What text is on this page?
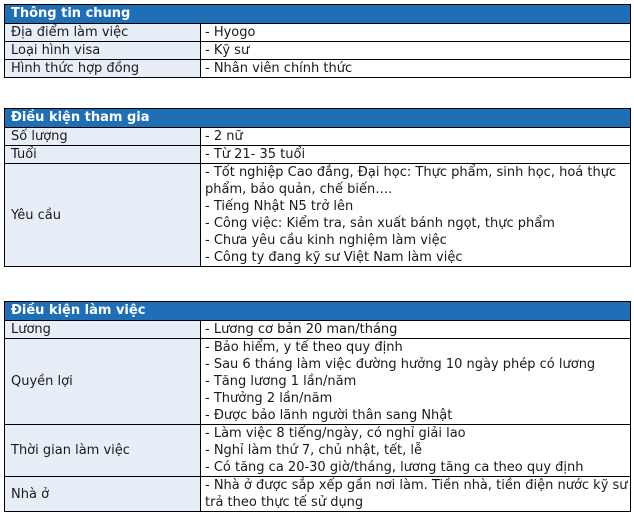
Thông tin chung	
Địa điểm làm việc	- Hyogo

Loại hình visa	- Kỹ sư

Hình thức hợp đồng	- Nhân viên chính thức
Điều kiện tham gia	
Số lượng	- 2 nữ

Tuổi	- Từ 21- 35 tuổi

Yêu cầu	- Tốt nghiệp Cao đẳng, Đại học: Thực phẩm, sinh học, hoá thực phẩm, bảo quản, chế biến….
- Tiếng Nhật N5 trở lên
- Công việc: Kiểm tra, sản xuất bánh ngọt, thực phẩm
- Chưa yêu cầu kinh nghiệm làm việc
- Công ty đang kỹ sư Việt Nam làm việc
Điều kiện làm việc	
Lương	- Lương cơ bản 20 man/tháng

Quyền lợi	- Bảo hiểm, y tế theo quy định
- Sau 6 tháng làm việc đường hưởng 10 ngày phép có lương
- Tăng lương 1 lần/năm
- Thưởng 2 lần/năm
- Được bảo lãnh người thân sang Nhật

Thời gian làm việc	- Làm việc 8 tiếng/ngày, có nghỉ giải lao
- Nghỉ làm thứ 7, chủ nhật, tết, lễ
- Có tăng ca 20-30 giờ/tháng, lương tăng ca theo quy định

Nhà ở	- Nhà ở được sắp xếp gần nơi làm. Tiền nhà, tiền điện nước kỹ sư trả theo thực tế sử dụng
